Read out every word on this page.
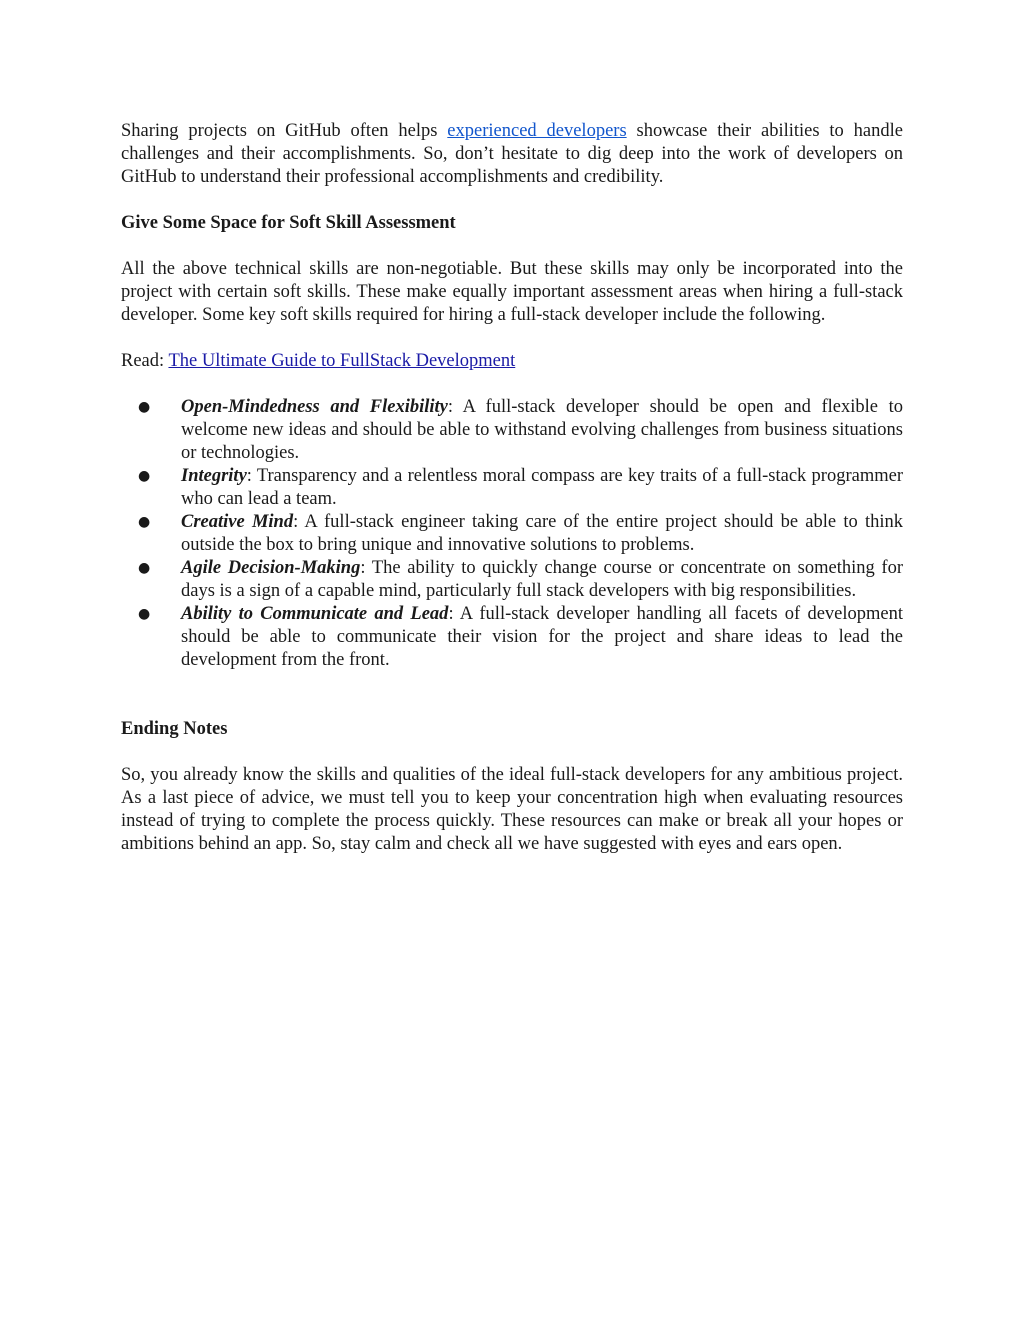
Sharing projects on GitHub often helps experienced developers showcase their abilities to handle challenges and their accomplishments. So, don’t hesitate to dig deep into the work of developers on GitHub to understand their professional accomplishments and credibility.

Give Some Space for Soft Skill Assessment

All the above technical skills are non-negotiable. But these skills may only be incorporated into the project with certain soft skills. These make equally important assessment areas when hiring a full-stack developer. Some key soft skills required for hiring a full-stack developer include the following.

Read: The Ultimate Guide to FullStack Development

● Open-Mindedness and Flexibility: A full-stack developer should be open and flexible to welcome new ideas and should be able to withstand evolving challenges from business situations or technologies.
● Integrity: Transparency and a relentless moral compass are key traits of a full-stack programmer who can lead a team.
● Creative Mind: A full-stack engineer taking care of the entire project should be able to think outside the box to bring unique and innovative solutions to problems.
● Agile Decision-Making: The ability to quickly change course or concentrate on something for days is a sign of a capable mind, particularly full stack developers with big responsibilities.
● Ability to Communicate and Lead: A full-stack developer handling all facets of development should be able to communicate their vision for the project and share ideas to lead the development from the front.

Ending Notes

So, you already know the skills and qualities of the ideal full-stack developers for any ambitious project. As a last piece of advice, we must tell you to keep your concentration high when evaluating resources instead of trying to complete the process quickly. These resources can make or break all your hopes or ambitions behind an app. So, stay calm and check all we have suggested with eyes and ears open.
